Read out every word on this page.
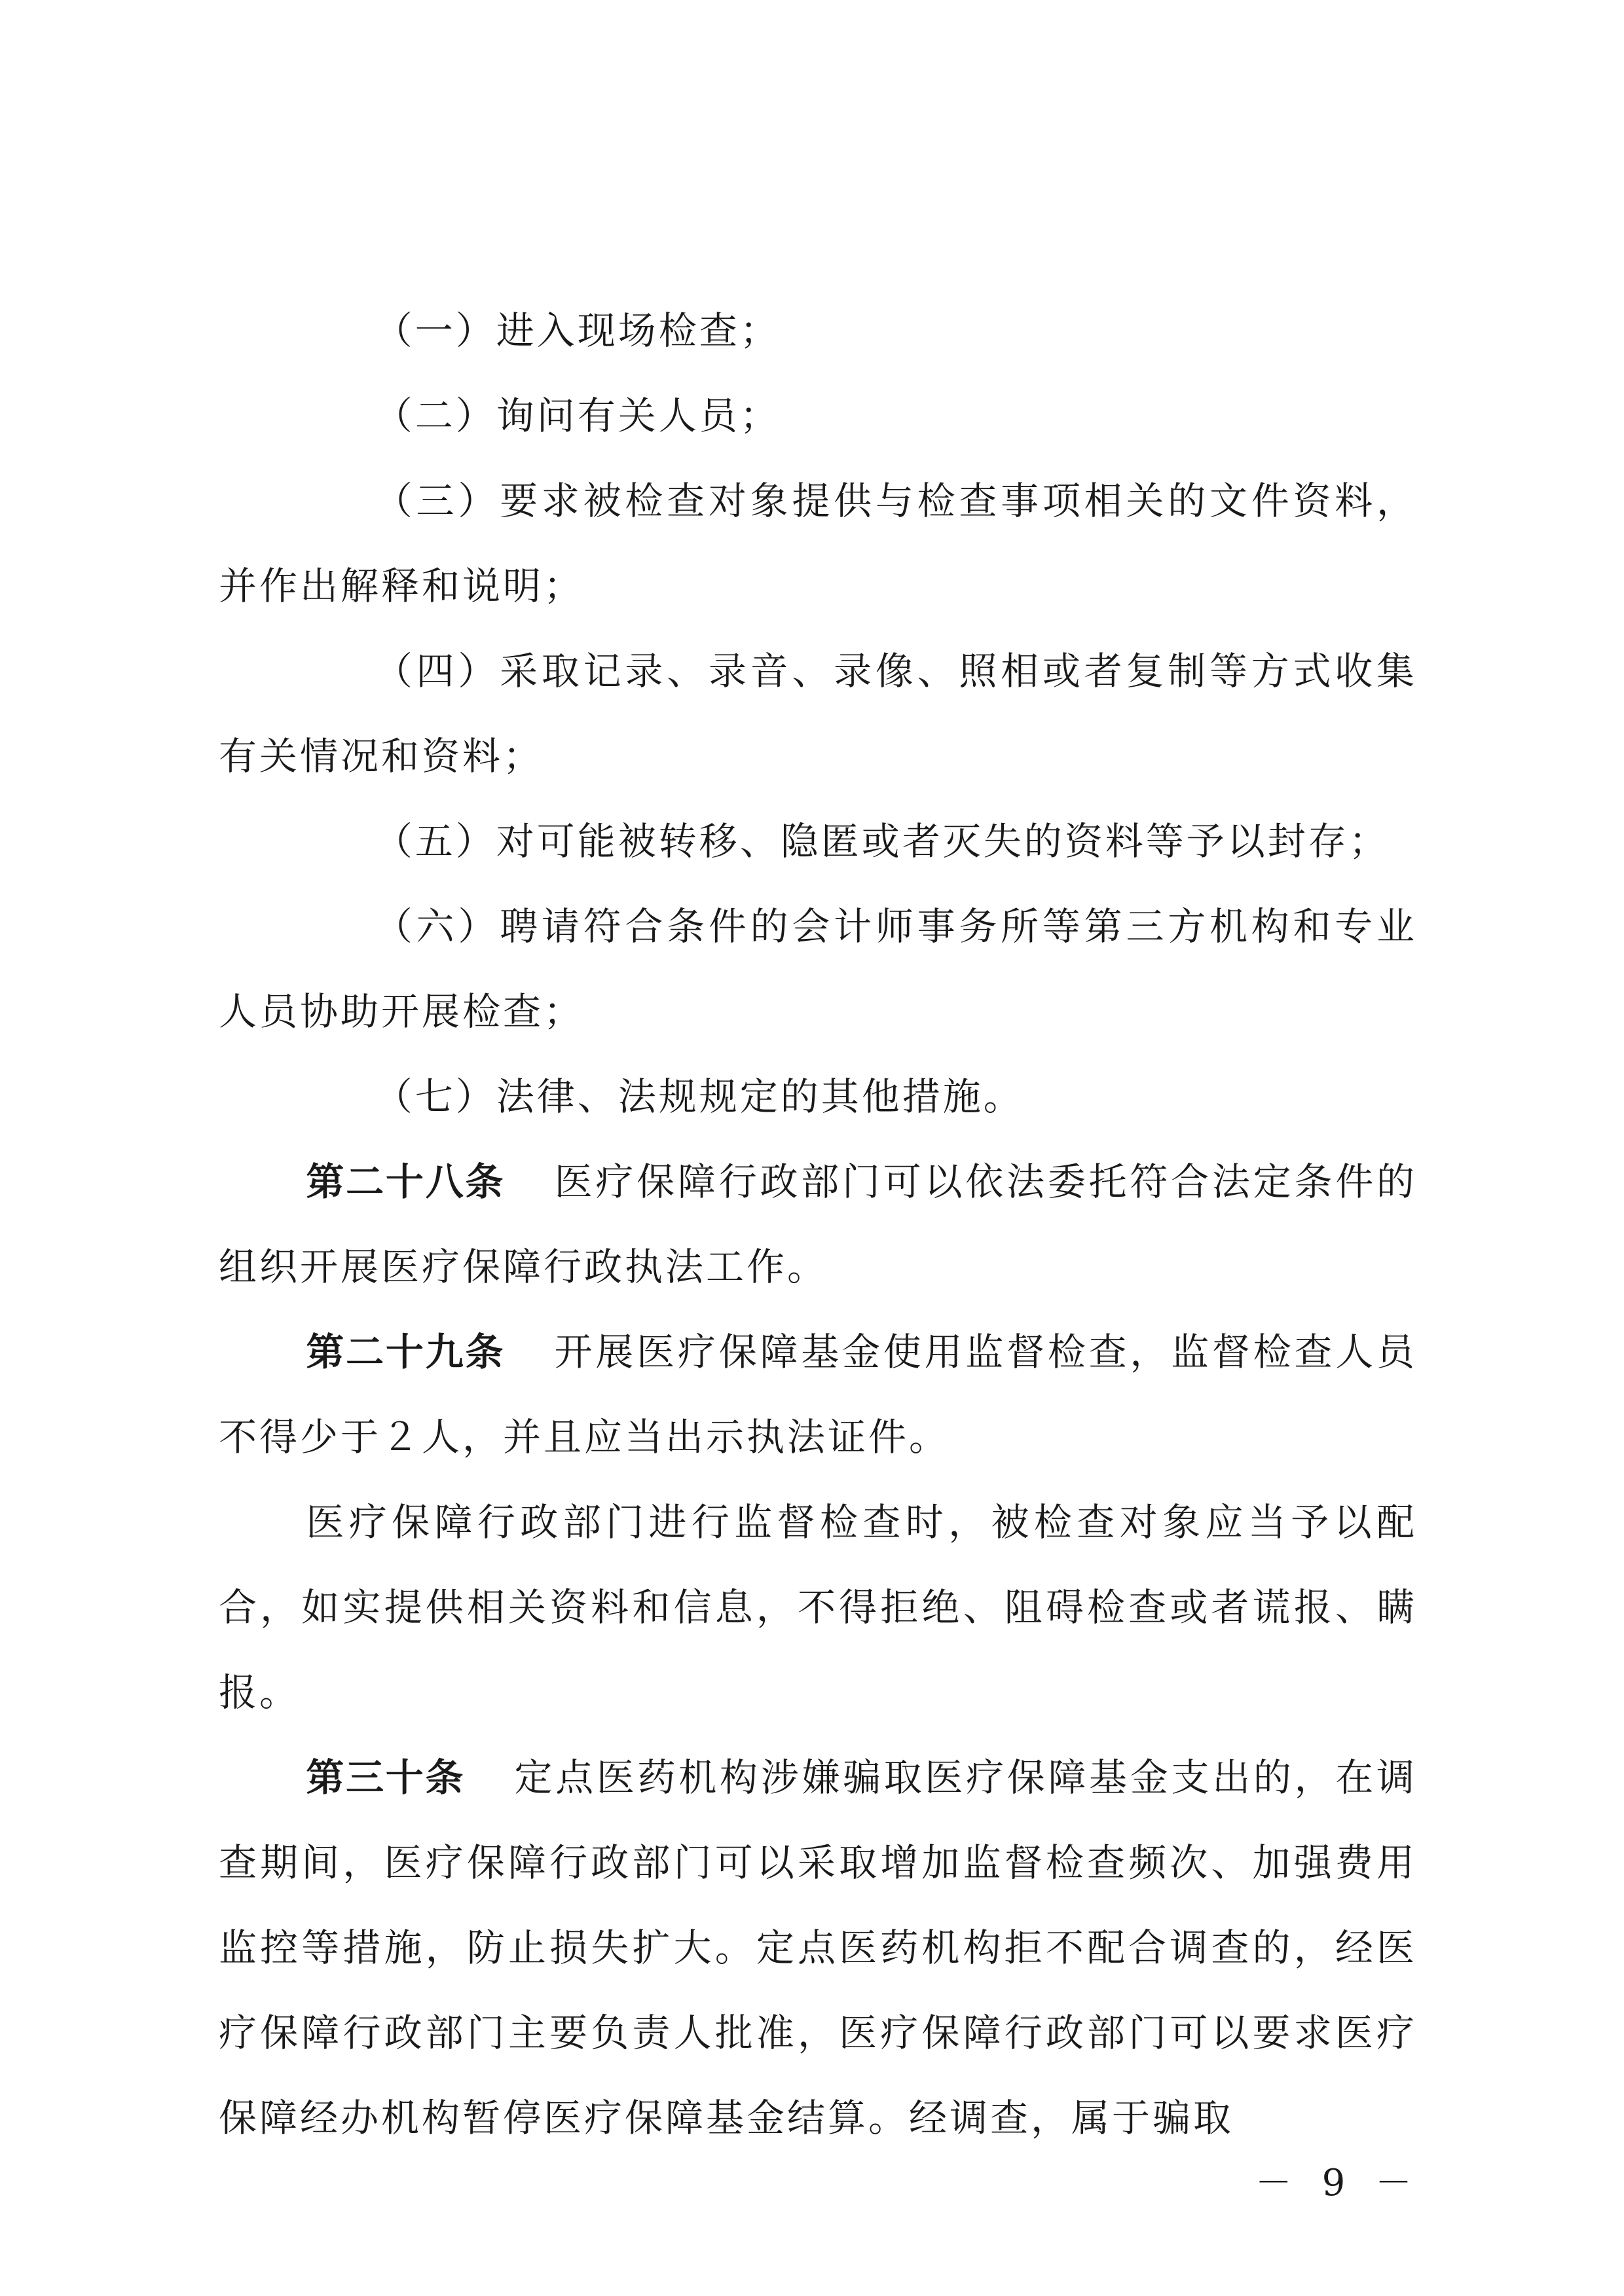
（一）进入现场检查；

（二）询问有关人员；

（三）要求被检查对象提供与检查事项相关的文件资料，并作出解释和说明；

（四）采取记录、录音、录像、照相或者复制等方式收集有关情况和资料；

（五）对可能被转移、隐匿或者灭失的资料等予以封存；

（六）聘请符合条件的会计师事务所等第三方机构和专业人员协助开展检查；

（七）法律、法规规定的其他措施。

第二十八条 医疗保障行政部门可以依法委托符合法定条件的组织开展医疗保障行政执法工作。

第二十九条 开展医疗保障基金使用监督检查，监督检查人员不得少于２人，并且应当出示执法证件。

医疗保障行政部门进行监督检查时，被检查对象应当予以配合，如实提供相关资料和信息，不得拒绝、阻碍检查或者谎报、瞒报。

第三十条 定点医药机构涉嫌骗取医疗保障基金支出的，在调查期间，医疗保障行政部门可以采取增加监督检查频次、加强费用监控等措施，防止损失扩大。定点医药机构拒不配合调查的，经医疗保障行政部门主要负责人批准，医疗保障行政部门可以要求医疗保障经办机构暂停医疗保障基金结算。经调查，属于骗取

－ 9 －
